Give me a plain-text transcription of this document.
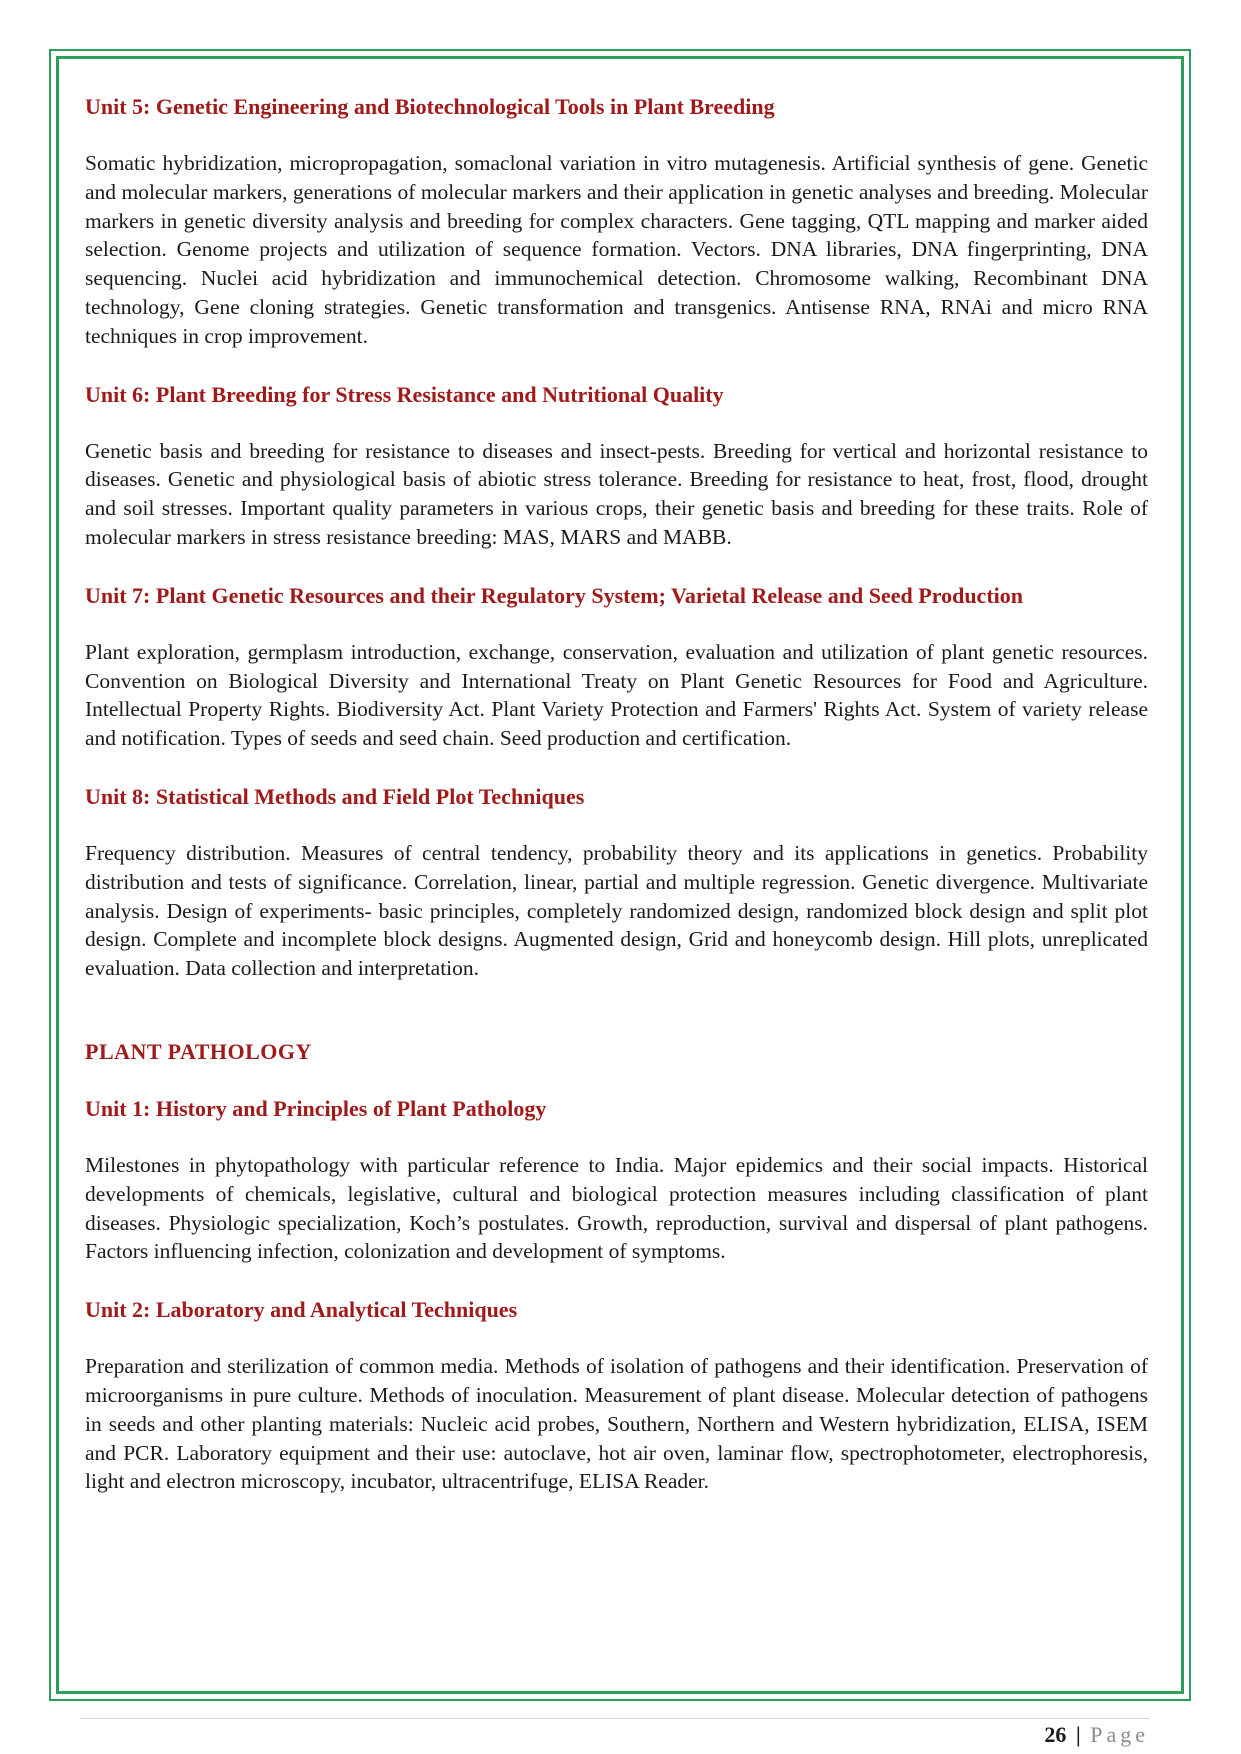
Unit 5: Genetic Engineering and Biotechnological Tools in Plant Breeding

Somatic hybridization, micropropagation, somaclonal variation in vitro mutagenesis. Artificial synthesis of gene. Genetic and molecular markers, generations of molecular markers and their application in genetic analyses and breeding. Molecular markers in genetic diversity analysis and breeding for complex characters. Gene tagging, QTL mapping and marker aided selection. Genome projects and utilization of sequence formation. Vectors. DNA libraries, DNA fingerprinting, DNA sequencing. Nuclei acid hybridization and immunochemical detection. Chromosome walking, Recombinant DNA technology, Gene cloning strategies. Genetic transformation and transgenics. Antisense RNA, RNAi and micro RNA techniques in crop improvement.

Unit 6: Plant Breeding for Stress Resistance and Nutritional Quality

Genetic basis and breeding for resistance to diseases and insect-pests. Breeding for vertical and horizontal resistance to diseases. Genetic and physiological basis of abiotic stress tolerance. Breeding for resistance to heat, frost, flood, drought and soil stresses. Important quality parameters in various crops, their genetic basis and breeding for these traits. Role of molecular markers in stress resistance breeding: MAS, MARS and MABB.

Unit 7: Plant Genetic Resources and their Regulatory System; Varietal Release and Seed Production

Plant exploration, germplasm introduction, exchange, conservation, evaluation and utilization of plant genetic resources. Convention on Biological Diversity and International Treaty on Plant Genetic Resources for Food and Agriculture. Intellectual Property Rights. Biodiversity Act. Plant Variety Protection and Farmers' Rights Act. System of variety release and notification. Types of seeds and seed chain. Seed production and certification.

Unit 8: Statistical Methods and Field Plot Techniques

Frequency distribution. Measures of central tendency, probability theory and its applications in genetics. Probability distribution and tests of significance. Correlation, linear, partial and multiple regression. Genetic divergence. Multivariate analysis. Design of experiments- basic principles, completely randomized design, randomized block design and split plot design. Complete and incomplete block designs. Augmented design, Grid and honeycomb design. Hill plots, unreplicated evaluation. Data collection and interpretation.

PLANT PATHOLOGY
Unit 1: History and Principles of Plant Pathology

Milestones in phytopathology with particular reference to India. Major epidemics and their social impacts. Historical developments of chemicals, legislative, cultural and biological protection measures including classification of plant diseases. Physiologic specialization, Koch’s postulates. Growth, reproduction, survival and dispersal of plant pathogens. Factors influencing infection, colonization and development of symptoms.

Unit 2: Laboratory and Analytical Techniques

Preparation and sterilization of common media. Methods of isolation of pathogens and their identification. Preservation of microorganisms in pure culture. Methods of inoculation. Measurement of plant disease. Molecular detection of pathogens in seeds and other planting materials: Nucleic acid probes, Southern, Northern and Western hybridization, ELISA, ISEM and PCR. Laboratory equipment and their use: autoclave, hot air oven, laminar flow, spectrophotometer, electrophoresis, light and electron microscopy, incubator, ultracentrifuge, ELISA Reader.

26 | Page
